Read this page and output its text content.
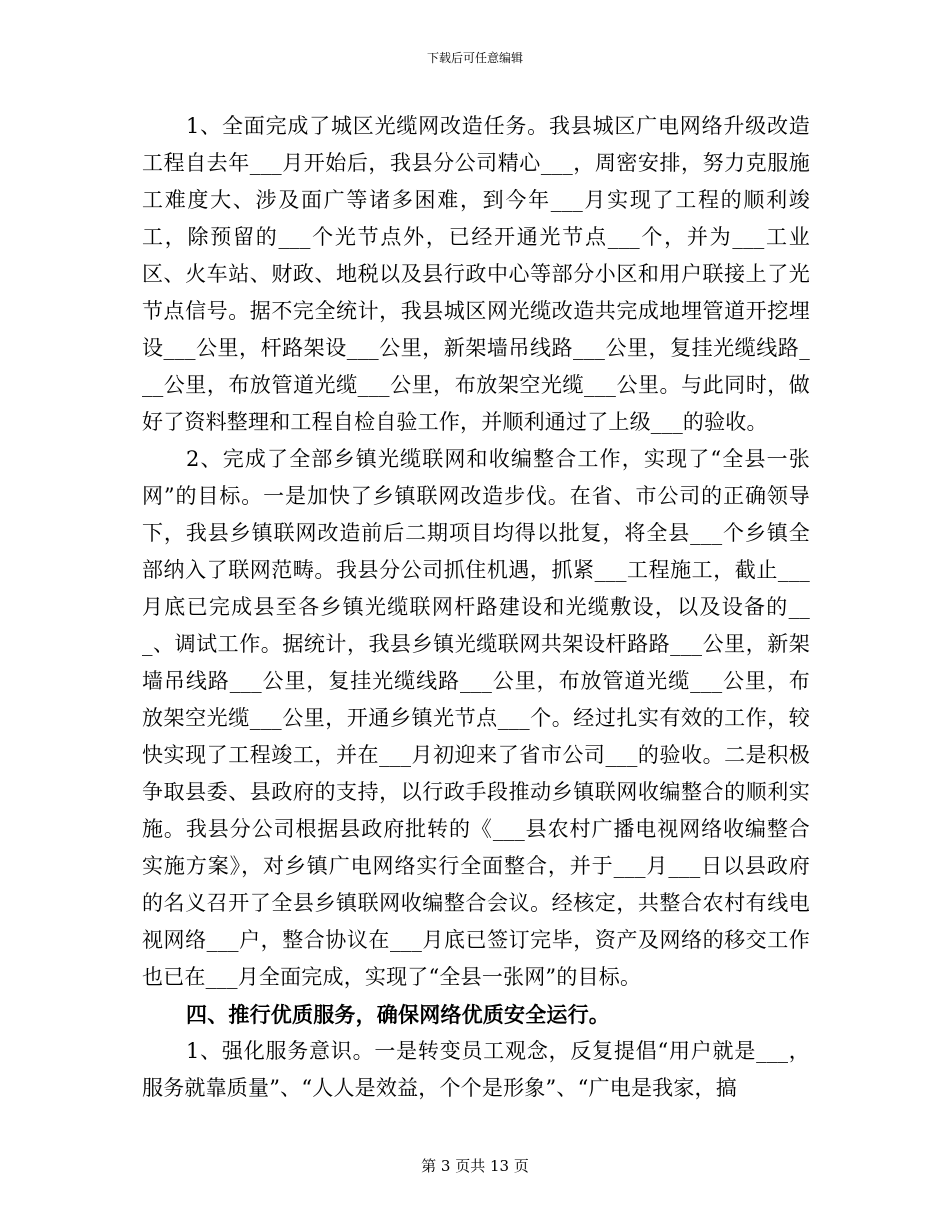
下载后可任意编辑

1、全面完成了城区光缆网改造任务。我县城区广电网络升级改造工程自去年___月开始后，我县分公司精心___，周密安排，努力克服施工难度大、涉及面广等诸多困难，到今年___月实现了工程的顺利竣工，除预留的___个光节点外，已经开通光节点___个，并为___工业区、火车站、财政、地税以及县行政中心等部分小区和用户联接上了光节点信号。据不完全统计，我县城区网光缆改造共完成地埋管道开挖埋设___公里，杆路架设___公里，新架墙吊线路___公里，复挂光缆线路___公里，布放管道光缆___公里，布放架空光缆___公里。与此同时，做好了资料整理和工程自检自验工作，并顺利通过了上级___的验收。

2、完成了全部乡镇光缆联网和收编整合工作，实现了“全县一张网”的目标。一是加快了乡镇联网改造步伐。在省、市公司的正确领导下，我县乡镇联网改造前后二期项目均得以批复，将全县___个乡镇全部纳入了联网范畴。我县分公司抓住机遇，抓紧___工程施工，截止___月底已完成县至各乡镇光缆联网杆路建设和光缆敷设，以及设备的___、调试工作。据统计，我县乡镇光缆联网共架设杆路路___公里，新架墙吊线路___公里，复挂光缆线路___公里，布放管道光缆___公里，布放架空光缆___公里，开通乡镇光节点___个。经过扎实有效的工作，较快实现了工程竣工，并在___月初迎来了省市公司___的验收。二是积极争取县委、县政府的支持，以行政手段推动乡镇联网收编整合的顺利实施。我县分公司根据县政府批转的《___县农村广播电视网络收编整合实施方案》，对乡镇广电网络实行全面整合，并于___月___日以县政府的名义召开了全县乡镇联网收编整合会议。经核定，共整合农村有线电视网络___户，整合协议在___月底已签订完毕，资产及网络的移交工作也已在___月全面完成，实现了“全县一张网”的目标。

四、推行优质服务，确保网络优质安全运行。

1、强化服务意识。一是转变员工观念，反复提倡“用户就是___，服务就靠质量”、“人人是效益，个个是形象”、“广电是我家，搞

第 3 页共 13 页
